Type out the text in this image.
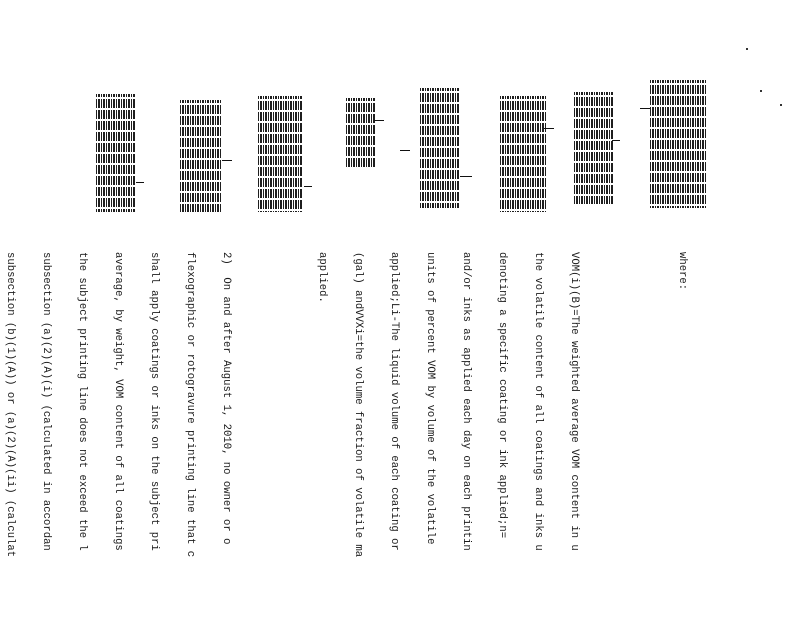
where:

VOM(i)(B)=The weighted average VOM content in u

the volatile content of all coatings and inks u

denoting a specific coating or ink applied;n=

and/or inks as applied each day on each printin

units of percent VOM by volume of the volatile

applied;Li-The liquid volume of each coating or

(gal) andVVXi=the volume fraction of volatile ma

applied.

2)  On and after August 1, 2010, no owner or o

flexographic or rotogravure printing line that c

shall apply coatings or inks on the subject pri

average, by weight, VOM content of all coatings

the subject printing line does not exceed the l

subsection (a)(2)(A)(i) (calculated in accordan

subsection (b)(1)(A)) or (a)(2)(A)(ii) (calculat
